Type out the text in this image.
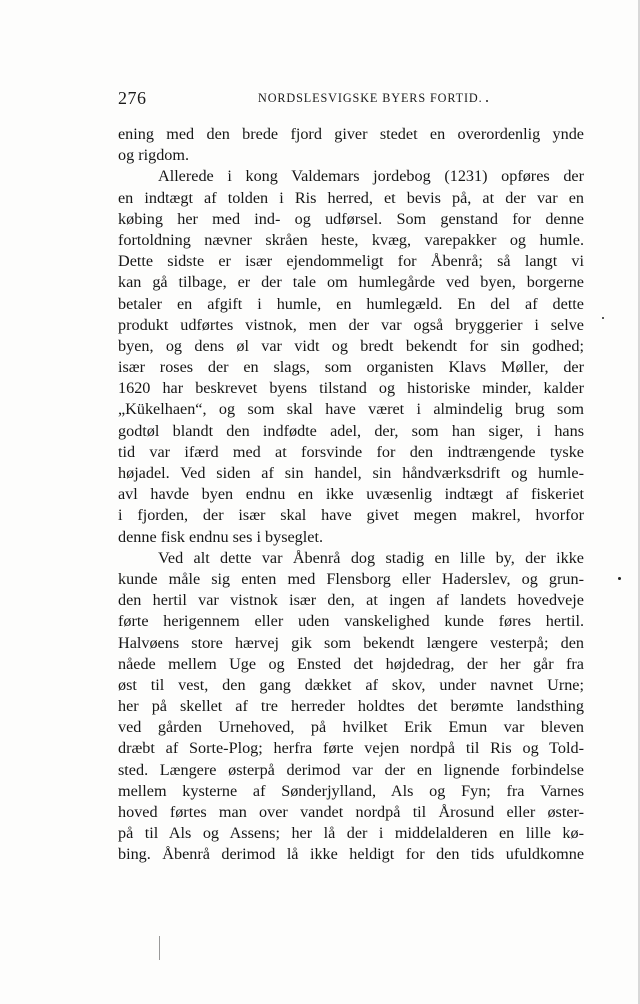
276	NORDSLESVIGSKE BYERS FORTID.
ening med den brede fjord giver stedet en overordenlig ynde
og rigdom.
Allerede i kong Valdemars jordebog (1231) opføres der
en indtægt af tolden i Ris herred, et bevis på, at der var en
købing her med ind- og udførsel. Som genstand for denne
fortoldning nævner skråen heste, kvæg, varepakker og humle.
Dette sidste er især ejendommeligt for Åbenrå; så langt vi
kan gå tilbage, er der tale om humlegårde ved byen, borgerne
betaler en afgift i humle, en humlegæld. En del af dette
produkt udførtes vistnok, men der var også bryggerier i selve
byen, og dens øl var vidt og bredt bekendt for sin godhed;
især roses der en slags, som organisten Klavs Møller, der
1620 har beskrevet byens tilstand og historiske minder, kalder
„Kükelhaen“, og som skal have været i almindelig brug som
godtøl blandt den indfødte adel, der, som han siger, i hans
tid var ifærd med at forsvinde for den indtrængende tyske
højadel. Ved siden af sin handel, sin håndværksdrift og humle-
avl havde byen endnu en ikke uvæsenlig indtægt af fiskeriet
i fjorden, der især skal have givet megen makrel, hvorfor
denne fisk endnu ses i byseglet.
Ved alt dette var Åbenrå dog stadig en lille by, der ikke
kunde måle sig enten med Flensborg eller Haderslev, og grun-
den hertil var vistnok især den, at ingen af landets hovedveje
førte herigennem eller uden vanskelighed kunde føres hertil.
Halvøens store hærvej gik som bekendt længere vesterpå; den
nåede mellem Uge og Ensted det højdedrag, der her går fra
øst til vest, den gang dækket af skov, under navnet Urne;
her på skellet af tre herreder holdtes det berømte landsthing
ved gården Urnehoved, på hvilket Erik Emun var bleven
dræbt af Sorte-Plog; herfra førte vejen nordpå til Ris og Told-
sted. Længere østerpå derimod var der en lignende forbindelse
mellem kysterne af Sønderjylland, Als og Fyn; fra Varnes
hoved førtes man over vandet nordpå til Årosund eller øster-
på til Als og Assens; her lå der i middelalderen en lille kø-
bing. Åbenrå derimod lå ikke heldigt for den tids ufuldkomne
